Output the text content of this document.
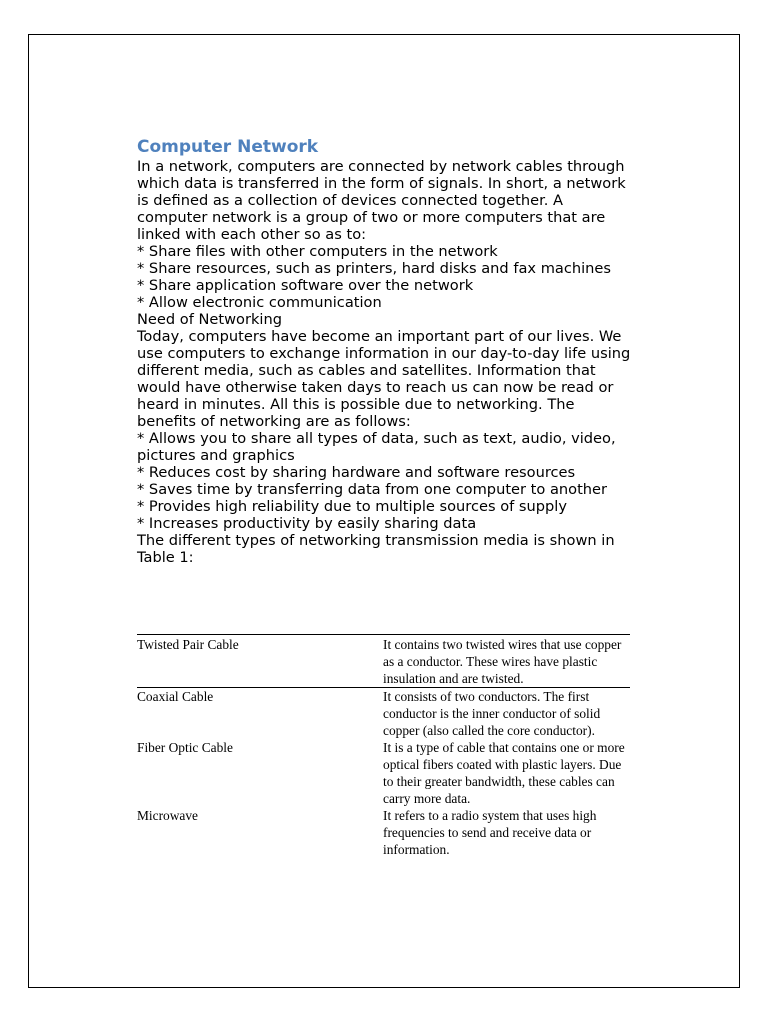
Computer Network

In a network, computers are connected by network cables through which data is transferred in the form of signals. In short, a network is defined as a collection of devices connected together. A computer network is a group of two or more computers that are linked with each other so as to:

* Share files with other computers in the network

* Share resources, such as printers, hard disks and fax machines

* Share application software over the network

* Allow electronic communication

Need of Networking

Today, computers have become an important part of our lives. We use computers to exchange information in our day-to-day life using different media, such as cables and satellites. Information that would have otherwise taken days to reach us can now be read or heard in minutes. All this is possible due to networking. The benefits of networking are as follows:

* Allows you to share all types of data, such as text, audio, video, pictures and graphics

* Reduces cost by sharing hardware and software resources

* Saves time by transferring data from one computer to another

* Provides high reliability due to multiple sources of supply

* Increases productivity by easily sharing data

The different types of networking transmission media is shown in

Table 1:

Twisted Pair Cable	It contains two twisted wires that use copper as a conductor. These wires have plastic insulation and are twisted.
Coaxial Cable	It consists of two conductors. The first conductor is the inner conductor of solid copper (also called the core conductor).
Fiber Optic Cable	It is a type of cable that contains one or more optical fibers coated with plastic layers. Due to their greater bandwidth, these cables can carry more data.
Microwave	It refers to a radio system that uses high frequencies to send and receive data or information.
